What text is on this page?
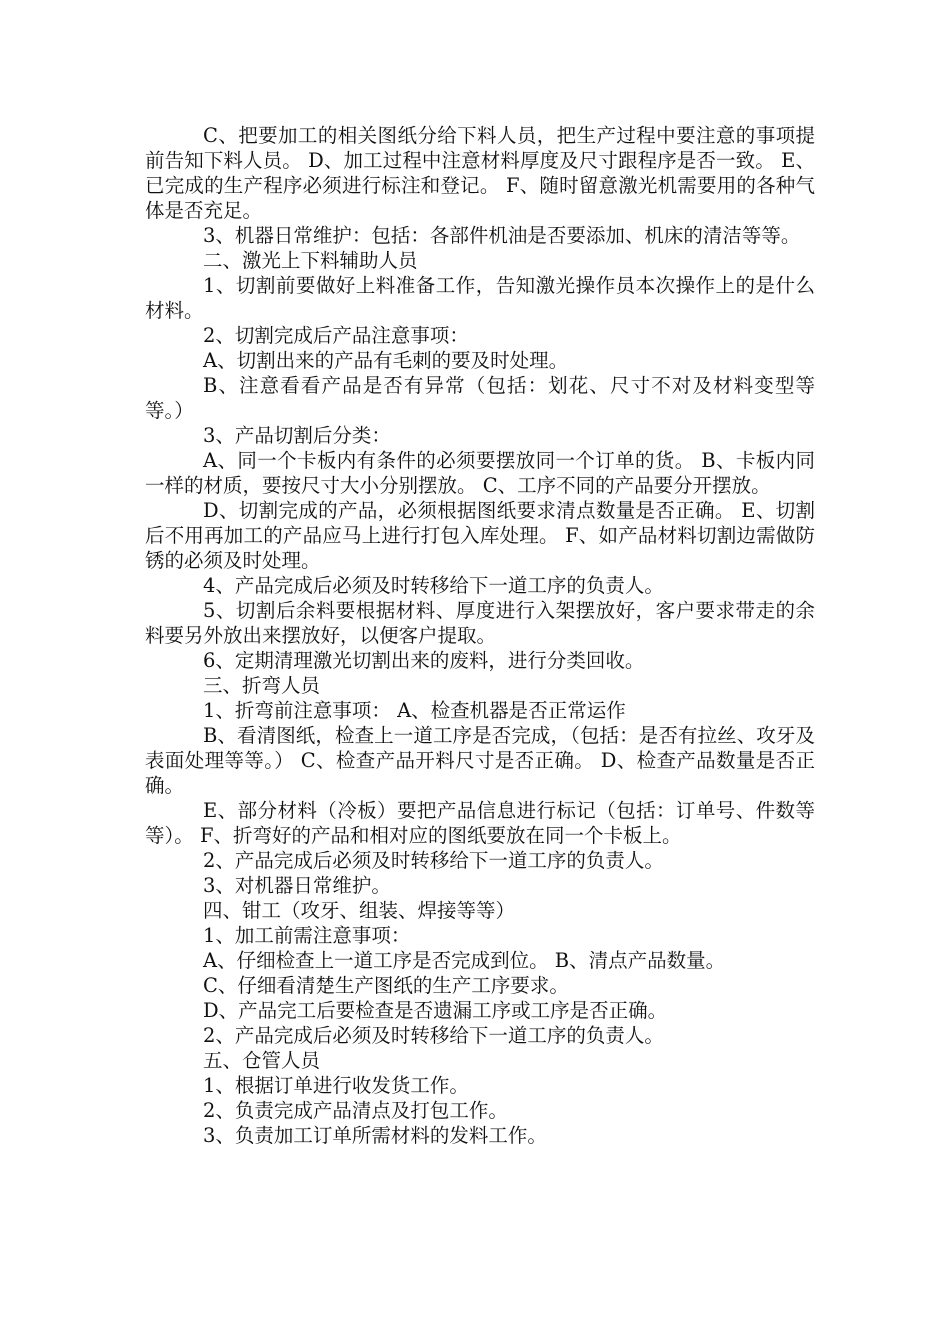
C、把要加工的相关图纸分给下料人员，把生产过程中要注意的事项提前告知下料人员。 D、加工过程中注意材料厚度及尺寸跟程序是否一致。 E、已完成的生产程序必须进行标注和登记。 F、随时留意激光机需要用的各种气体是否充足。

3、机器日常维护：包括：各部件机油是否要添加、机床的清洁等等。

二、激光上下料辅助人员

1、切割前要做好上料准备工作，告知激光操作员本次操作上的是什么材料。

2、切割完成后产品注意事项：

A、切割出来的产品有毛刺的要及时处理。

B、注意看看产品是否有异常（包括：划花、尺寸不对及材料变型等等。）

3、产品切割后分类：

A、同一个卡板内有条件的必须要摆放同一个订单的货。 B、卡板内同一样的材质，要按尺寸大小分别摆放。 C、工序不同的产品要分开摆放。

D、切割完成的产品，必须根据图纸要求清点数量是否正确。 E、切割后不用再加工的产品应马上进行打包入库处理。 F、如产品材料切割边需做防锈的必须及时处理。

4、产品完成后必须及时转移给下一道工序的负责人。

5、切割后余料要根据材料、厚度进行入架摆放好，客户要求带走的余料要另外放出来摆放好，以便客户提取。

6、定期清理激光切割出来的废料，进行分类回收。

三、折弯人员

1、折弯前注意事项： A、检查机器是否正常运作

B、看清图纸，检查上一道工序是否完成，（包括：是否有拉丝、攻牙及表面处理等等。） C、检查产品开料尺寸是否正确。 D、检查产品数量是否正确。

E、部分材料（冷板）要把产品信息进行标记（包括：订单号、件数等等）。 F、折弯好的产品和相对应的图纸要放在同一个卡板上。

2、产品完成后必须及时转移给下一道工序的负责人。

3、对机器日常维护。

四、钳工（攻牙、组装、焊接等等）

1、加工前需注意事项：

A、仔细检查上一道工序是否完成到位。 B、清点产品数量。

C、仔细看清楚生产图纸的生产工序要求。

D、产品完工后要检查是否遗漏工序或工序是否正确。

2、产品完成后必须及时转移给下一道工序的负责人。

五、仓管人员

1、根据订单进行收发货工作。

2、负责完成产品清点及打包工作。

3、负责加工订单所需材料的发料工作。
